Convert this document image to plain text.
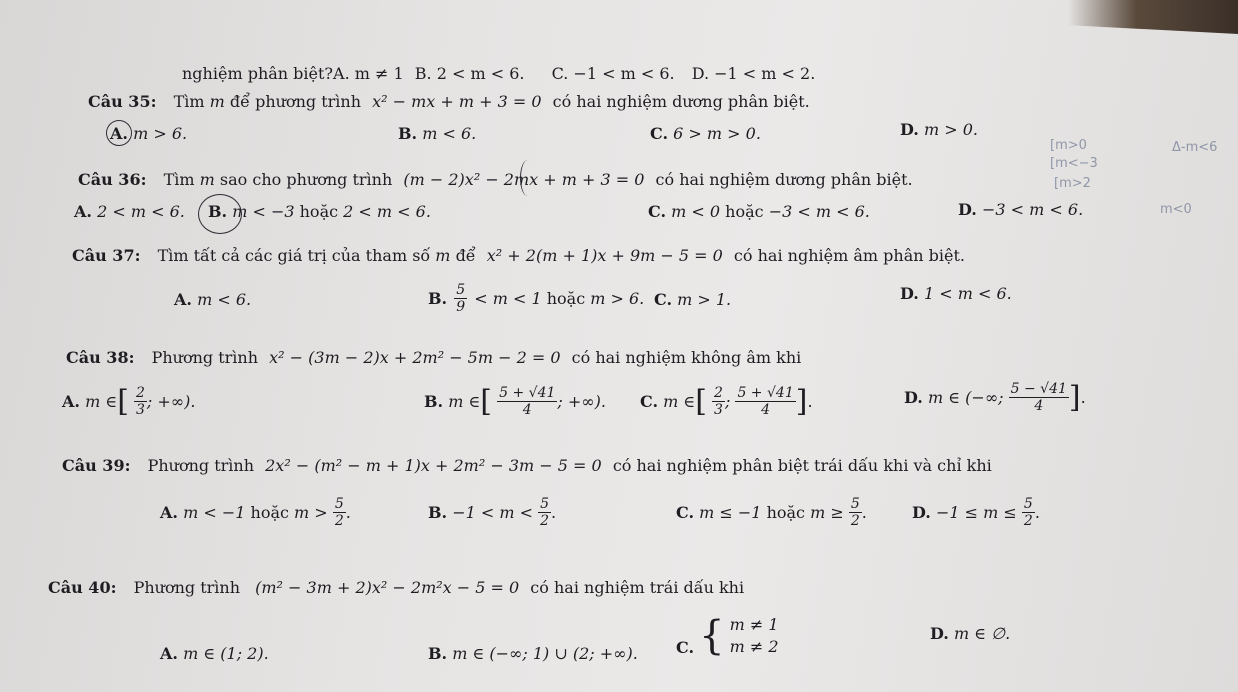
nghiệm phân biệt?A. m ≠ 1 B. 2 < m < 6. C. −1 < m < 6. D. −1 < m < 2.
Câu 35: Tìm m để phương trình x² − mx + m + 3 = 0 có hai nghiệm dương phân biệt.
A. m > 6.	B. m < 6.	C. 6 > m > 0.	D. m > 0.
Câu 36: Tìm m sao cho phương trình (m − 2)x² − 2mx + m + 3 = 0 có hai nghiệm dương phân biệt.
A. 2 < m < 6. B. m < −3 hoặc 2 < m < 6.	C. m < 0 hoặc −3 < m < 6.	D. −3 < m < 6.
Câu 37: Tìm tất cả các giá trị của tham số m để x² + 2(m + 1)x + 9m − 5 = 0 có hai nghiệm âm phân biệt.
A. m < 6.	B. $\frac{5}{9} < m < 1$ hoặc m > 6. C. m > 1.	D. 1 < m < 6.
Câu 38: Phương trình x² − (3m − 2)x + 2m² − 5m − 2 = 0 có hai nghiệm không âm khi
A. m ∈[ $\frac{2}{3}$ ; +∞).	B. m ∈[ $\frac{5 + √41}{4}$ ; +∞). C. m ∈[ $\frac{2}{3}$ ; $\frac{5 + √41}{4}$ ].	D. m ∈ (−∞; $\frac{5 - √41}{4}$ ].
Câu 39: Phương trình 2x² − (m² − m + 1)x + 2m² − 3m − 5 = 0 có hai nghiệm phân biệt trái dấu khi và chỉ khi
A. m < −1 hoặc $m > \frac{5}{2}$ .	B. $-1 < m < \frac{5}{2}$ .	C. m ≤ −1 hoặc $m \ge \frac{5}{2}$ .	D. $-1 \le m \le \frac{5}{2}$ .
Câu 40: Phương trình (m² − 3m + 2)x² − 2m²x − 5 = 0 có hai nghiệm trái dấu khi
A. m ∈ (1; 2).	B. m ∈ (−∞; 1) ∪ (2; +∞). C. { m ≠ 1
m ≠ 2
D. m ∈ ∅.
[m>0
[m<−3
[m>2
Δ-m<6
m<0
